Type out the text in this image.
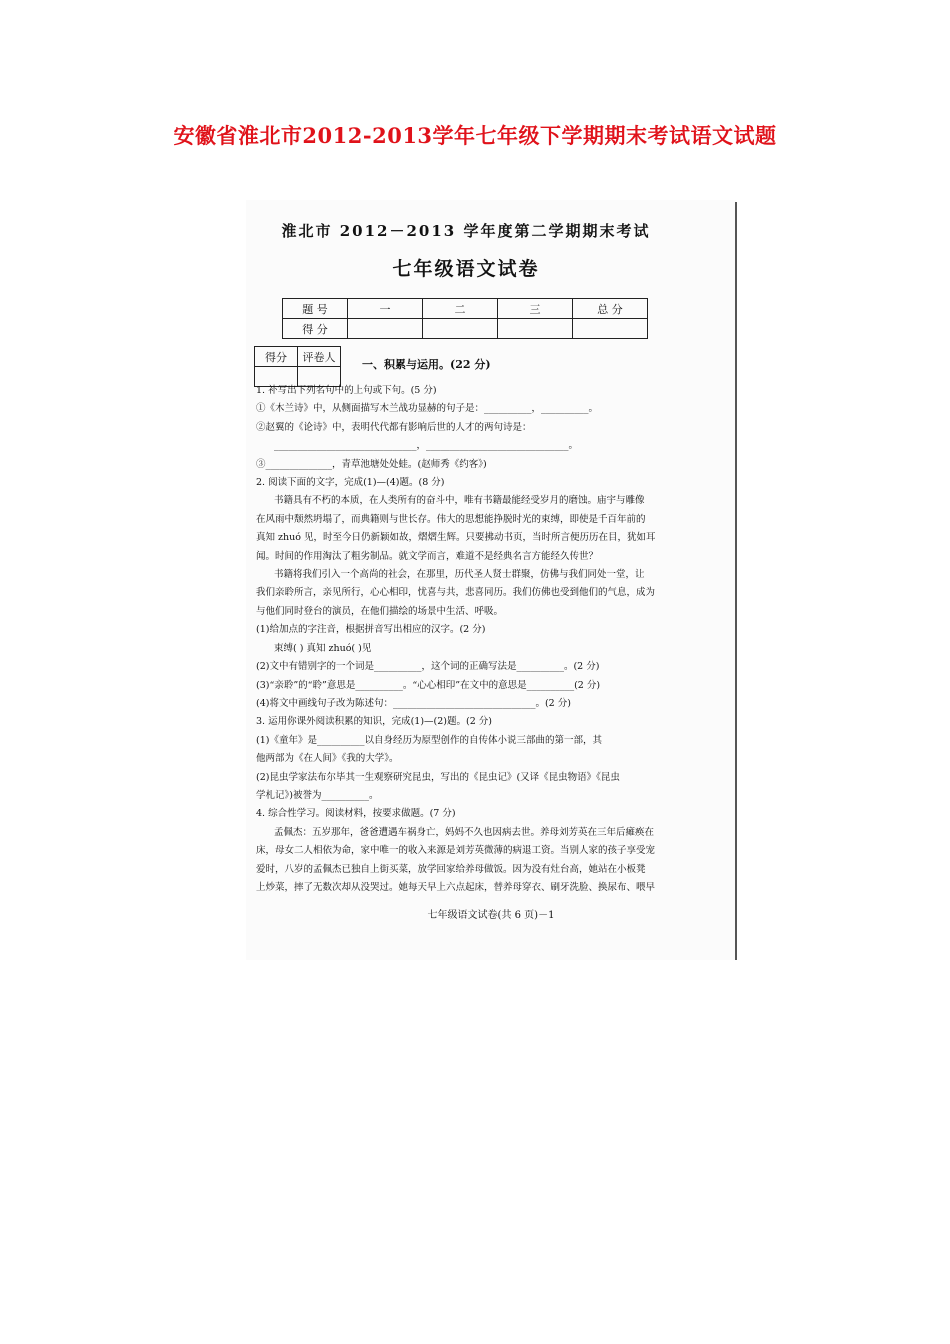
安徽省淮北市2012-2013学年七年级下学期期末考试语文试题
淮北市 2012－2013 学年度第二学期期末考试
七年级语文试卷
题 号	一	二	三	总 分
得 分				
得分	评卷人

一、积累与运用。(22 分)
1. 补写出下列名句中的上句或下句。(5 分)
①《木兰诗》中，从侧面描写木兰战功显赫的句子是：__________，__________。
②赵翼的《论诗》中，表明代代都有影响后世的人才的两句诗是：
______________________________，______________________________。
③______________，青草池塘处处蛙。(赵师秀《约客》)
2. 阅读下面的文字，完成(1)—(4)题。(8 分)
书籍具有不朽的本质，在人类所有的奋斗中，唯有书籍最能经受岁月的磨蚀。庙宇与雕像
在风雨中颓然坍塌了，而典籍则与世长存。伟大的思想能挣脱时光的束缚，即使是千百年前的
真知 zhuó 见，时至今日仍新颖如故，熠熠生辉。只要拂动书页，当时所言便历历在目，犹如耳
闻。时间的作用淘汰了粗劣制品。就文学而言，难道不是经典名言方能经久传世？
书籍将我们引入一个高尚的社会，在那里，历代圣人贤士群聚，仿佛与我们同处一堂，让
我们亲聆所言，亲见所行，心心相印，忧喜与共，悲喜同历。我们仿佛也受到他们的气息，成为
与他们同时登台的演员，在他们描绘的场景中生活、呼吸。
(1)给加点的字注音，根据拼音写出相应的汉字。(2 分)
束缚( ) 真知 zhuó( )见
(2)文中有错别字的一个词是__________，这个词的正确写法是__________。(2 分)
(3)“亲聆”的“聆”意思是__________。“心心相印”在文中的意思是__________(2 分)
(4)将文中画线句子改为陈述句：______________________________。(2 分)
3. 运用你课外阅读积累的知识，完成(1)—(2)题。(2 分)
(1)《童年》是__________以自身经历为原型创作的自传体小说三部曲的第一部，其
他两部为《在人间》《我的大学》。
(2)昆虫学家法布尔毕其一生观察研究昆虫，写出的《昆虫记》(又译《昆虫物语》《昆虫
学札记》)被誉为__________。
4. 综合性学习。阅读材料，按要求做题。(7 分)
孟佩杰：五岁那年，爸爸遭遇车祸身亡，妈妈不久也因病去世。养母刘芳英在三年后瘫痪在
床，母女二人相依为命，家中唯一的收入来源是刘芳英微薄的病退工资。当别人家的孩子享受宠
爱时，八岁的孟佩杰已独自上街买菜，放学回家给养母做饭。因为没有灶台高，她站在小板凳
上炒菜，摔了无数次却从没哭过。她每天早上六点起床，替养母穿衣、刷牙洗脸、换尿布、喂早
七年级语文试卷(共 6 页)－1
